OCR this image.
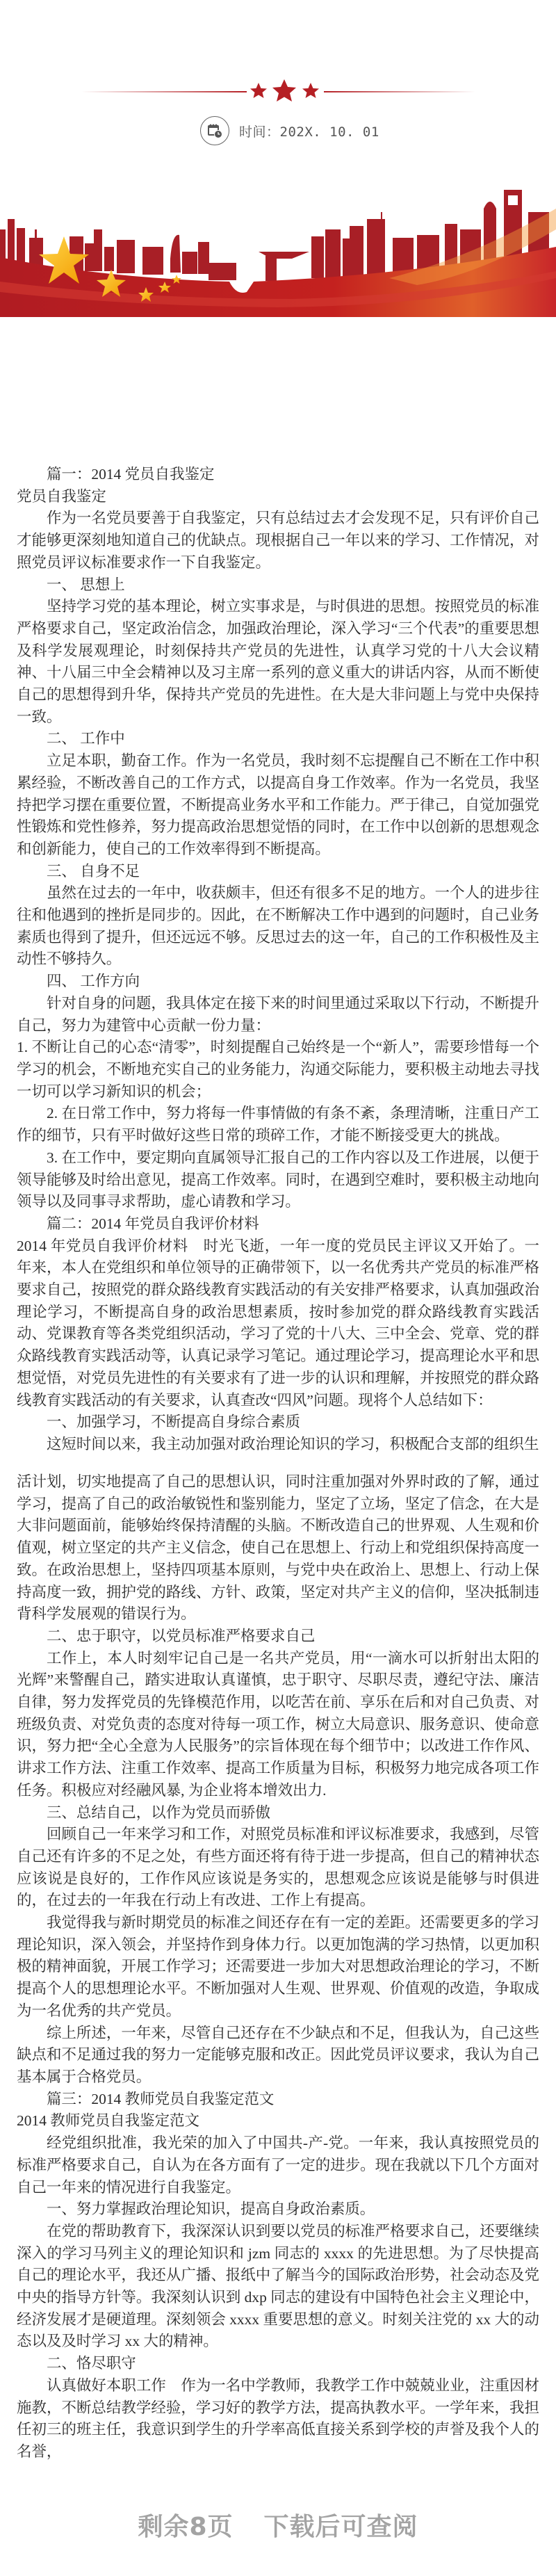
时间：202X. 10. 01

篇一：2014 党员自我鉴定

党员自我鉴定

作为一名党员要善于自我鉴定，只有总结过去才会发现不足，只有评价自己才能够更深刻地知道自己的优缺点。现根据自己一年以来的学习、工作情况，对照党员评议标准要求作一下自我鉴定。

一、 思想上

坚持学习党的基本理论，树立实事求是，与时俱进的思想。按照党员的标准严格要求自己，坚定政治信念，加强政治理论，深入学习“三个代表”的重要思想及科学发展观理论，时刻保持共产党员的先进性，认真学习党的十八大会议精神、十八届三中全会精神以及习主席一系列的意义重大的讲话内容，从而不断使自己的思想得到升华，保持共产党员的先进性。在大是大非问题上与党中央保持一致。

二、 工作中

立足本职，勤奋工作。作为一名党员，我时刻不忘提醒自己不断在工作中积累经验，不断改善自己的工作方式，以提高自身工作效率。作为一名党员，我坚持把学习摆在重要位置，不断提高业务水平和工作能力。严于律己，自觉加强党性锻炼和党性修养，努力提高政治思想觉悟的同时，在工作中以创新的思想观念和创新能力，使自己的工作效率得到不断提高。

三、 自身不足

虽然在过去的一年中，收获颇丰，但还有很多不足的地方。一个人的进步往往和他遇到的挫折是同步的。因此，在不断解决工作中遇到的问题时，自己业务素质也得到了提升，但还远远不够。反思过去的这一年，自己的工作积极性及主动性不够持久。

四、 工作方向

针对自身的问题，我具体定在接下来的时间里通过采取以下行动，不断提升自己，努力为建管中心贡献一份力量：

1. 不断让自己的心态“清零”，时刻提醒自己始终是一个“新人”，需要珍惜每一个学习的机会，不断地充实自己的业务能力，沟通交际能力，要积极主动地去寻找一切可以学习新知识的机会；

2. 在日常工作中，努力将每一件事情做的有条不紊，条理清晰，注重日产工作的细节，只有平时做好这些日常的琐碎工作，才能不断接受更大的挑战。

3. 在工作中，要定期向直属领导汇报自己的工作内容以及工作进展，以便于领导能够及时给出意见，提高工作效率。同时，在遇到空难时，要积极主动地向领导以及同事寻求帮助，虚心请教和学习。

篇二：2014 年党员自我评价材料

2014 年党员自我评价材料　时光飞逝，一年一度的党员民主评议又开始了。一年来，本人在党组织和单位领导的正确带领下，以一名优秀共产党员的标准严格要求自己，按照党的群众路线教育实践活动的有关安排严格要求，认真加强政治理论学习，不断提高自身的政治思想素质，按时参加党的群众路线教育实践活动、党课教育等各类党组织活动，学习了党的十八大、三中全会、党章、党的群众路线教育实践活动等，认真记录学习笔记。通过理论学习，提高理论水平和思想觉悟，对党员先进性的有关要求有了进一步的认识和理解，并按照党的群众路线教育实践活动的有关要求，认真查改“四风”问题。现将个人总结如下：

一、加强学习，不断提高自身综合素质

这短时间以来，我主动加强对政治理论知识的学习，积极配合支部的组织生

活计划，切实地提高了自己的思想认识，同时注重加强对外界时政的了解，通过学习，提高了自己的政治敏锐性和鉴别能力，坚定了立场，坚定了信念，在大是大非问题面前，能够始终保持清醒的头脑。不断改造自己的世界观、人生观和价值观，树立坚定的共产主义信念，使自己在思想上、行动上和党组织保持高度一致。在政治思想上，坚持四项基本原则，与党中央在政治上、思想上、行动上保持高度一致，拥护党的路线、方针、政策，坚定对共产主义的信仰，坚决抵制违背科学发展观的错误行为。

二、忠于职守，以党员标准严格要求自己

工作上，本人时刻牢记自己是一名共产党员，用“一滴水可以折射出太阳的光辉”来警醒自己，踏实进取认真谨慎，忠于职守、尽职尽责，遵纪守法、廉洁自律，努力发挥党员的先锋模范作用，以吃苦在前、享乐在后和对自己负责、对班级负责、对党负责的态度对待每一项工作，树立大局意识、服务意识、使命意识，努力把“全心全意为人民服务”的宗旨体现在每个细节中；以改进工作作风、讲求工作方法、注重工作效率、提高工作质量为目标，积极努力地完成各项工作任务。积极应对经融风暴, 为企业将本增效出力.

三、总结自己，以作为党员而骄傲

回顾自己一年来学习和工作，对照党员标准和评议标准要求，我感到，尽管自己还有许多的不足之处，有些方面还将有待于进一步提高，但自己的精神状态应该说是良好的，工作作风应该说是务实的，思想观念应该说是能够与时俱进的，在过去的一年我在行动上有改进、工作上有提高。

我觉得我与新时期党员的标准之间还存在有一定的差距。还需要更多的学习理论知识，深入领会，并坚持作到身体力行。以更加饱满的学习热情，以更加积极的精神面貌，开展工作学习；还需要进一步加大对思想政治理论的学习，不断提高个人的思想理论水平。不断加强对人生观、世界观、价值观的改造，争取成为一名优秀的共产党员。

综上所述，一年来，尽管自己还存在不少缺点和不足，但我认为，自己这些缺点和不足通过我的努力一定能够克服和改正。因此党员评议要求，我认为自己基本属于合格党员。

篇三：2014 教师党员自我鉴定范文

2014 教师党员自我鉴定范文

经党组织批准，我光荣的加入了中国共-产-党。一年来，我认真按照党员的标准严格要求自己，自认为在各方面有了一定的进步。现在我就以下几个方面对自己一年来的情况进行自我鉴定。

一、努力掌握政治理论知识，提高自身政治素质。

在党的帮助教育下，我深深认识到要以党员的标准严格要求自己，还要继续深入的学习马列主义的理论知识和 jzm 同志的 xxxx 的先进思想。为了尽快提高自己的理论水平，我还从广播、报纸中了解当今的国际政治形势，社会动态及党中央的指导方针等。我深刻认识到 dxp 同志的建设有中国特色社会主义理论中，经济发展才是硬道理。深刻领会 xxxx 重要思想的意义。时刻关注党的 xx 大的动态以及及时学习 xx 大的精神。

二、恪尽职守

认真做好本职工作　作为一名中学教师，我教学工作中兢兢业业，注重因材施教，不断总结教学经验，学习好的教学方法，提高执教水平。一学年来，我担任初三的班主任，我意识到学生的升学率高低直接关系到学校的声誉及我个人的名誉，

剩余8页 下载后可查阅
